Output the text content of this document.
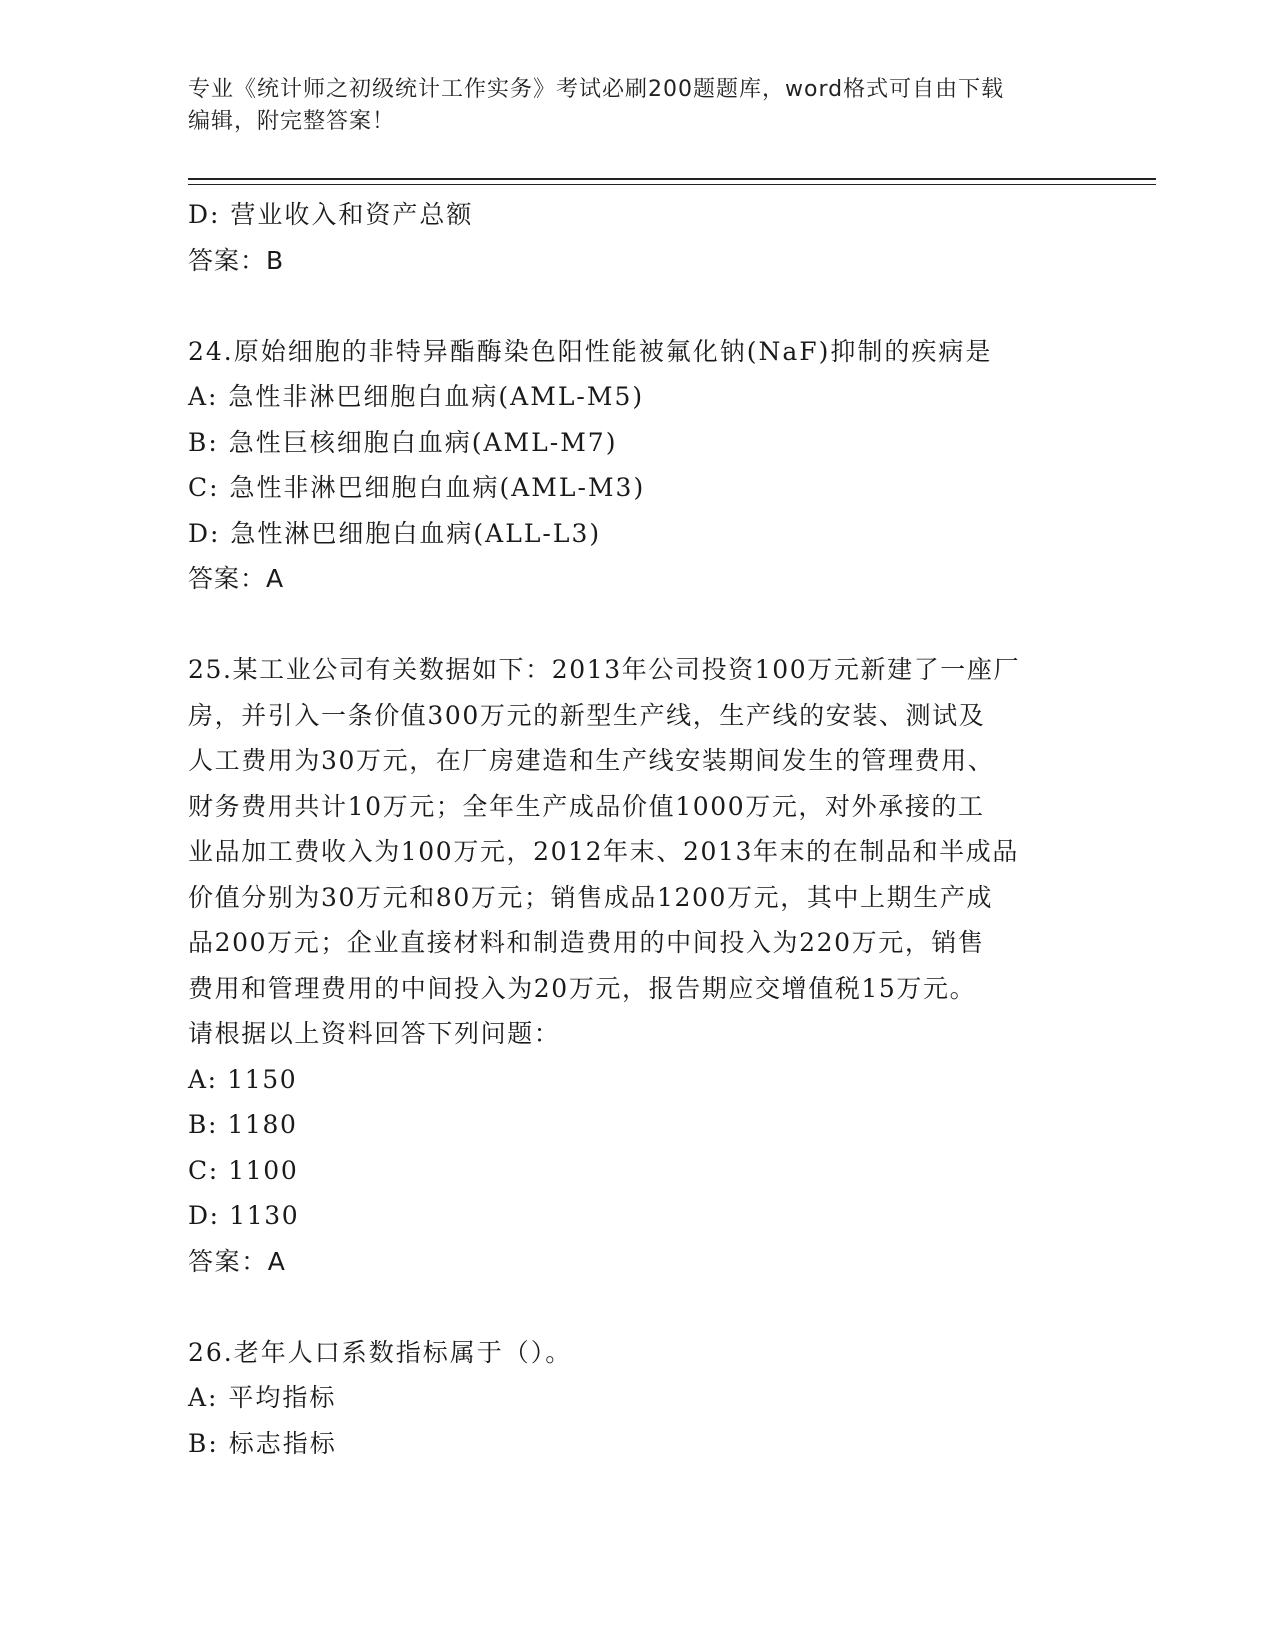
专业《统计师之初级统计工作实务》考试必刷200题题库，word格式可自由下载
编辑，附完整答案！
D: 营业收入和资产总额
答案：B
24.原始细胞的非特异酯酶染色阳性能被氟化钠(NaF)抑制的疾病是
A: 急性非淋巴细胞白血病(AML-M5)
B: 急性巨核细胞白血病(AML-M7)
C: 急性非淋巴细胞白血病(AML-M3)
D: 急性淋巴细胞白血病(ALL-L3)
答案：A
25.某工业公司有关数据如下：2013年公司投资100万元新建了一座厂
房，并引入一条价值300万元的新型生产线，生产线的安装、测试及
人工费用为30万元，在厂房建造和生产线安装期间发生的管理费用、
财务费用共计10万元；全年生产成品价值1000万元，对外承接的工
业品加工费收入为100万元，2012年末、2013年末的在制品和半成品
价值分别为30万元和80万元；销售成品1200万元，其中上期生产成
品200万元；企业直接材料和制造费用的中间投入为220万元，销售
费用和管理费用的中间投入为20万元，报告期应交增值税15万元。
请根据以上资料回答下列问题：
A: 1150
B: 1180
C: 1100
D: 1130
答案：A
26.老年人口系数指标属于（）。
A: 平均指标
B: 标志指标
